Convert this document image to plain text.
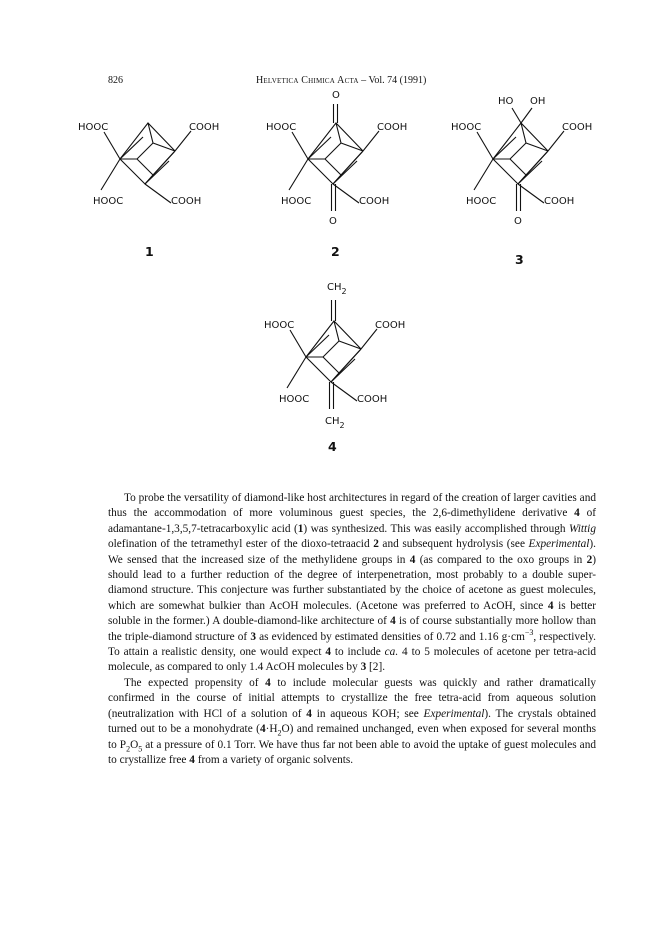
826	Helvetica Chimica Acta – Vol. 74 (1991)
HOOC	COOH
HOOC	COOH
1
O
O
HOOC	COOH
HOOC	COOH
2
HO OH
O
HOOC	COOH
HOOC	COOH
3
$CH_2$
$CH_2$
HOOC	COOH
HOOC	COOH
4

To probe the versatility of diamond-like host architectures in regard of the creation of larger cavities and thus the accommodation of more voluminous guest species, the 2,6-dimethylidene derivative 4 of adamantane-1,3,5,7-tetracarboxylic acid (1) was synthesized. This was easily accomplished through Wittig olefination of the tetramethyl ester of the dioxo-tetraacid 2 and subsequent hydrolysis (see Experimental). We sensed that the increased size of the methylidene groups in 4 (as compared to the oxo groups in 2) should lead to a further reduction of the degree of interpenetration, most probably to a double super-diamond structure. This conjecture was further substantiated by the choice of acetone as guest molecules, which are somewhat bulkier than AcOH molecules. (Acetone was preferred to AcOH, since 4 is better soluble in the former.) A double-diamond-like architecture of 4 is of course substantially more hollow than the triple-diamond structure of 3 as evidenced by estimated densities of 0.72 and 1.16 $g\cdot cm^{-3}$, respectively. To attain a realistic density, one would expect 4 to include ca. 4 to 5 molecules of acetone per tetra-acid molecule, as compared to only 1.4 AcOH molecules by 3 [2].

The expected propensity of 4 to include molecular guests was quickly and rather dramatically confirmed in the course of initial attempts to crystallize the free tetra-acid from aqueous solution (neutralization with HCl of a solution of 4 in aqueous KOH; see Experimental). The crystals obtained turned out to be a monohydrate $(4\cdot H_2O)$ and remained unchanged, even when exposed for several months to $P_2O_5$ at a pressure of 0.1 Torr. We have thus far not been able to avoid the uptake of guest molecules and to crystallize free 4 from a variety of organic solvents.
